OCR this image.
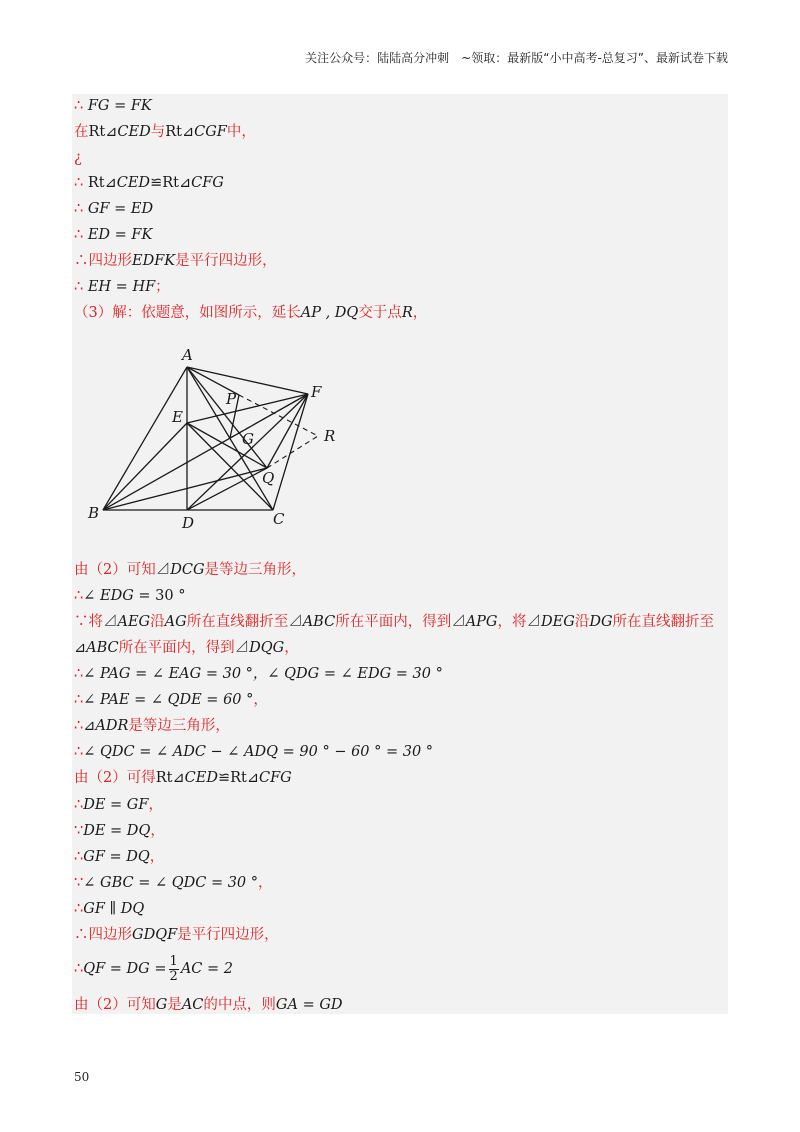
关注公众号：陆陆高分冲刺　~领取：最新版“小中高考-总复习”、最新试卷下载
∴ FG = FK
在Rt⊿CED与Rt⊿CGF中，
¿
∴ Rt⊿CED≌Rt⊿CFG
∴ GF = ED
∴ ED = FK
∴四边形EDFK是平行四边形，
∴ EH = HF；
（3）解：依题意，如图所示，延长AP , DQ交于点R，
A
B	C
D
E
F
G
P
Q
R
由（2）可知⊿DCG是等边三角形，
∴∠ EDG = 30 °
∵将⊿AEG沿AG所在直线翻折至⊿ABC所在平面内，得到⊿APG，将⊿DEG沿DG所在直线翻折至
⊿ABC所在平面内，得到⊿DQG，
∴∠ PAG = ∠ EAG = 30 °，∠ QDG = ∠ EDG = 30 °
∴∠ PAE = ∠ QDE = 60 °，
∴⊿ADR是等边三角形，
∴∠ QDC = ∠ ADC − ∠ ADQ = 90 ° − 60 ° = 30 °
由（2）可得Rt⊿CED≌Rt⊿CFG
∴DE = GF，
∵DE = DQ，
∴GF = DQ，
∵∠ GBC = ∠ QDC = 30 °，
∴GF ∥ DQ
∴四边形GDQF是平行四边形，
∴QF = DG = $\frac{1}{2}$ AC = 2
由（2）可知G是AC的中点，则GA = GD
50
